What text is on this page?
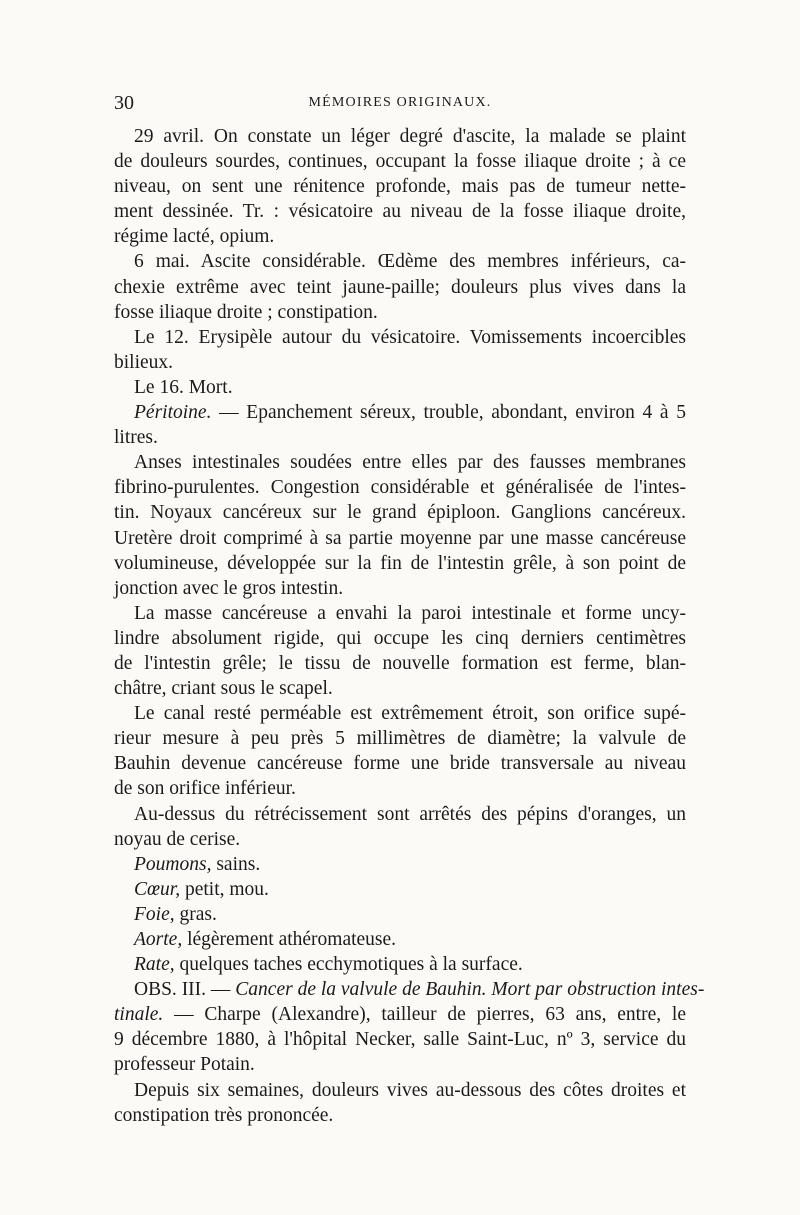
30	MÉMOIRES ORIGINAUX.
29 avril. On constate un léger degré d'ascite, la malade se plaint
de douleurs sourdes, continues, occupant la fosse iliaque droite ; à ce
niveau, on sent une rénitence profonde, mais pas de tumeur nette-
ment dessinée. Tr. : vésicatoire au niveau de la fosse iliaque droite,
régime lacté, opium.
6 mai. Ascite considérable. Œdème des membres inférieurs, ca-
chexie extrême avec teint jaune-paille; douleurs plus vives dans la
fosse iliaque droite ; constipation.
Le 12. Erysipèle autour du vésicatoire. Vomissements incoercibles
bilieux.
Le 16. Mort.
Péritoine. — Epanchement séreux, trouble, abondant, environ 4 à 5
litres.
Anses intestinales soudées entre elles par des fausses membranes
fibrino-purulentes. Congestion considérable et généralisée de l'intes-
tin. Noyaux cancéreux sur le grand épiploon. Ganglions cancéreux.
Uretère droit comprimé à sa partie moyenne par une masse cancéreuse
volumineuse, développée sur la fin de l'intestin grêle, à son point de
jonction avec le gros intestin.
La masse cancéreuse a envahi la paroi intestinale et forme uncy-
lindre absolument rigide, qui occupe les cinq derniers centimètres
de l'intestin grêle; le tissu de nouvelle formation est ferme, blan-
châtre, criant sous le scapel.
Le canal resté perméable est extrêmement étroit, son orifice supé-
rieur mesure à peu près 5 millimètres de diamètre; la valvule de
Bauhin devenue cancéreuse forme une bride transversale au niveau
de son orifice inférieur.
Au-dessus du rétrécissement sont arrêtés des pépins d'oranges, un
noyau de cerise.
Poumons, sains.
Cœur, petit, mou.
Foie, gras.
Aorte, légèrement athéromateuse.
Rate, quelques taches ecchymotiques à la surface.
OBS. III. — Cancer de la valvule de Bauhin. Mort par obstruction intes-
tinale. — Charpe (Alexandre), tailleur de pierres, 63 ans, entre, le
9 décembre 1880, à l'hôpital Necker, salle Saint-Luc, nº 3, service du
professeur Potain.
Depuis six semaines, douleurs vives au-dessous des côtes droites et
constipation très prononcée.
